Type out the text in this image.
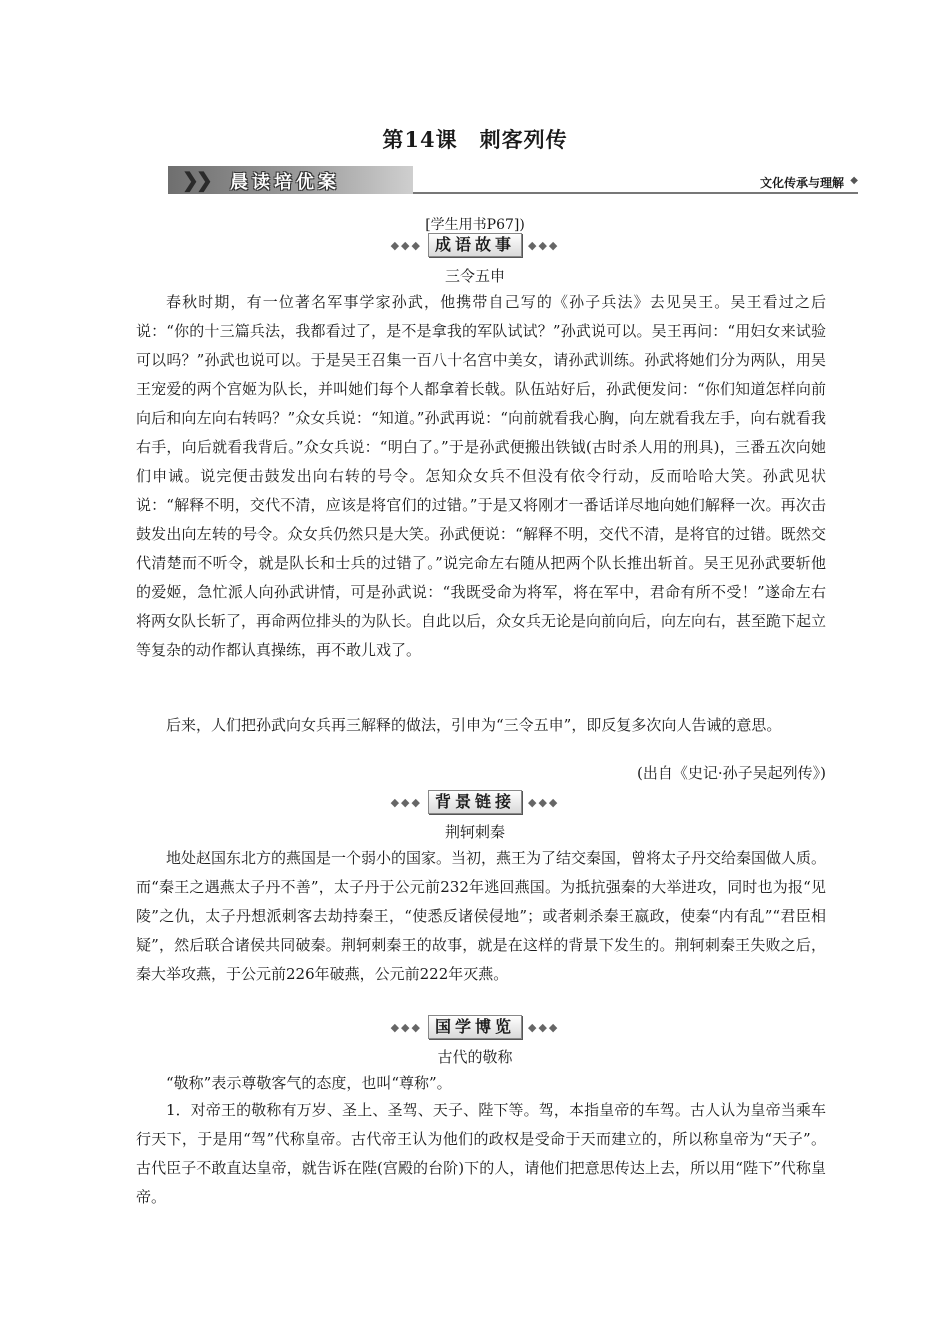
第14课　刺客列传
❯
❯ 晨读培优案	文化传承与理解 ◆
[学生用书P67])
◆◆◆ 成语故事	◆◆◆
三令五申

春秋时期，有一位著名军事学家孙武，他携带自己写的《孙子兵法》去见吴王。吴王看过之后说：“你的十三篇兵法，我都看过了，是不是拿我的军队试试？”孙武说可以。吴王再问：“用妇女来试验可以吗？”孙武也说可以。于是吴王召集一百八十名宫中美女，请孙武训练。孙武将她们分为两队，用吴王宠爱的两个宫姬为队长，并叫她们每个人都拿着长戟。队伍站好后，孙武便发问：“你们知道怎样向前向后和向左向右转吗？”众女兵说：“知道。”孙武再说：“向前就看我心胸，向左就看我左手，向右就看我右手，向后就看我背后。”众女兵说：“明白了。”于是孙武便搬出铁钺(古时杀人用的刑具)，三番五次向她们申诫。说完便击鼓发出向右转的号令。怎知众女兵不但没有依令行动，反而哈哈大笑。孙武见状说：“解释不明，交代不清，应该是将官们的过错。”于是又将刚才一番话详尽地向她们解释一次。再次击鼓发出向左转的号令。众女兵仍然只是大笑。孙武便说：“解释不明，交代不清，是将官的过错。既然交代清楚而不听令，就是队长和士兵的过错了。”说完命左右随从把两个队长推出斩首。吴王见孙武要斩他的爱姬，急忙派人向孙武讲情，可是孙武说：“我既受命为将军，将在军中，君命有所不受！”遂命左右将两女队长斩了，再命两位排头的为队长。自此以后，众女兵无论是向前向后，向左向右，甚至跪下起立等复杂的动作都认真操练，再不敢儿戏了。

后来，人们把孙武向女兵再三解释的做法，引申为“三令五申”，即反复多次向人告诫的意思。

(出自《史记·孙子吴起列传》)
◆◆◆ 背景链接	◆◆◆
荆轲刺秦

地处赵国东北方的燕国是一个弱小的国家。当初，燕王为了结交秦国，曾将太子丹交给秦国做人质。而“秦王之遇燕太子丹不善”，太子丹于公元前232年逃回燕国。为抵抗强秦的大举进攻，同时也为报“见陵”之仇，太子丹想派刺客去劫持秦王，“使悉反诸侯侵地”；或者刺杀秦王嬴政，使秦“内有乱”“君臣相疑”，然后联合诸侯共同破秦。荆轲刺秦王的故事，就是在这样的背景下发生的。荆轲刺秦王失败之后，秦大举攻燕，于公元前226年破燕，公元前222年灭燕。

◆◆◆ 国学博览	◆◆◆
古代的敬称

“敬称”表示尊敬客气的态度，也叫“尊称”。

1．对帝王的敬称有万岁、圣上、圣驾、天子、陛下等。驾，本指皇帝的车驾。古人认为皇帝当乘车行天下，于是用“驾”代称皇帝。古代帝王认为他们的政权是受命于天而建立的，所以称皇帝为“天子”。古代臣子不敢直达皇帝，就告诉在陛(宫殿的台阶)下的人，请他们把意思传达上去，所以用“陛下”代称皇帝。
